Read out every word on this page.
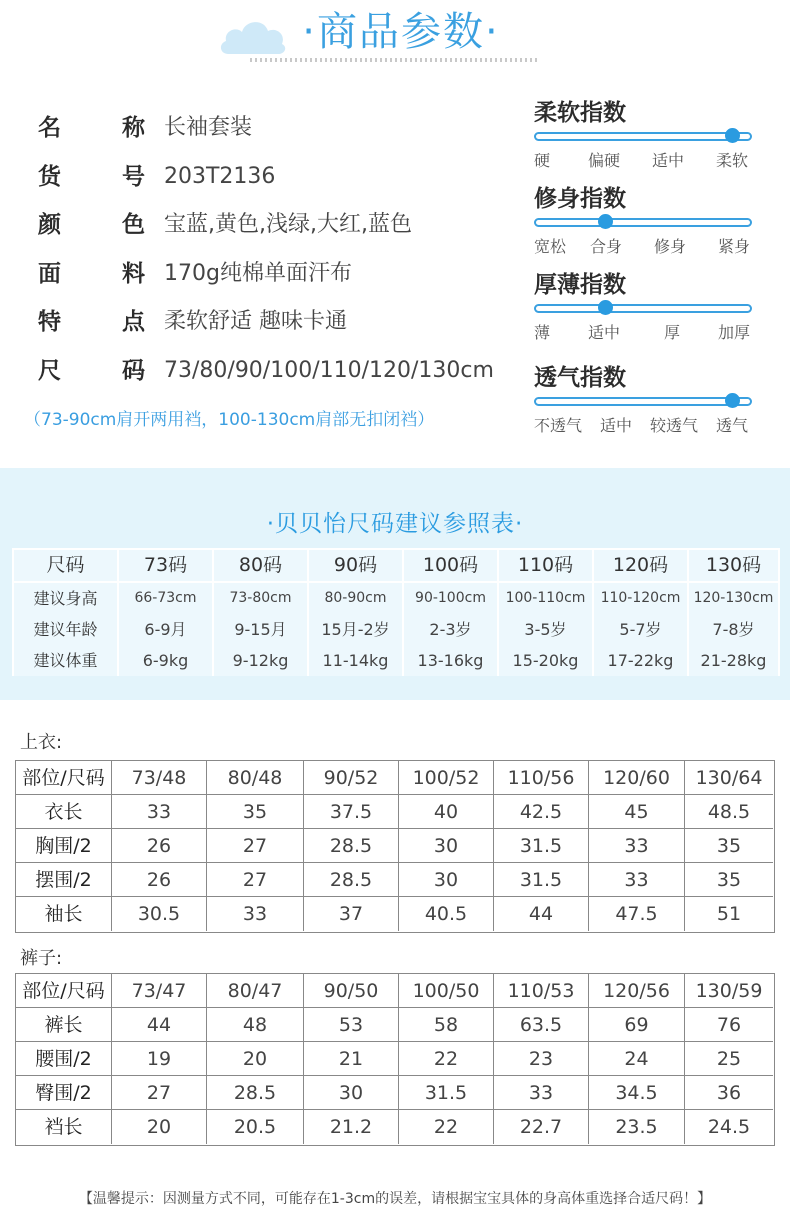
·商品参数·
名	称 长袖套装
货	号 203T2136
颜	色 宝蓝,黄色,浅绿,大红,蓝色
面	料 170g纯棉单面汗布
特	点 柔软舒适 趣味卡通
尺	码 73/80/90/100/110/120/130cm
（73-90cm肩开两用裆，100-130cm肩部无扣闭裆）
柔软指数
硬 偏硬 适中 柔软
修身指数
宽松 合身 修身 紧身
厚薄指数
薄 适中	厚 加厚
透气指数
不透气 适中 较透气 透气
·贝贝怡尺码建议参照表·
尺码	73码	80码	90码	100码	110码	120码	130码
建议身高	66-73cm	73-80cm	80-90cm	90-100cm	100-110cm	110-120cm 120-130cm
建议年龄	6-9月	9-15月	15月-2岁	2-3岁	3-5岁	5-7岁	7-8岁
建议体重	6-9kg	9-12kg	11-14kg	13-16kg	15-20kg	17-22kg	21-28kg
上衣:
部位/尺码	73/48	80/48	90/52	100/52	110/56	120/60	130/64
衣长	33	35	37.5	40	42.5	45	48.5
胸围/2	26	27	28.5	30	31.5	33	35
摆围/2	26	27	28.5	30	31.5	33	35
袖长	30.5	33	37	40.5	44	47.5	51
裤子:
部位/尺码	73/47	80/47	90/50	100/50	110/53	120/56	130/59
裤长	44	48	53	58	63.5	69	76
腰围/2	19	20	21	22	23	24	25
臀围/2	27	28.5	30	31.5	33	34.5	36
裆长	20	20.5	21.2	22	22.7	23.5	24.5
【温馨提示：因测量方式不同，可能存在1-3cm的误差，请根据宝宝具体的身高体重选择合适尺码！】
